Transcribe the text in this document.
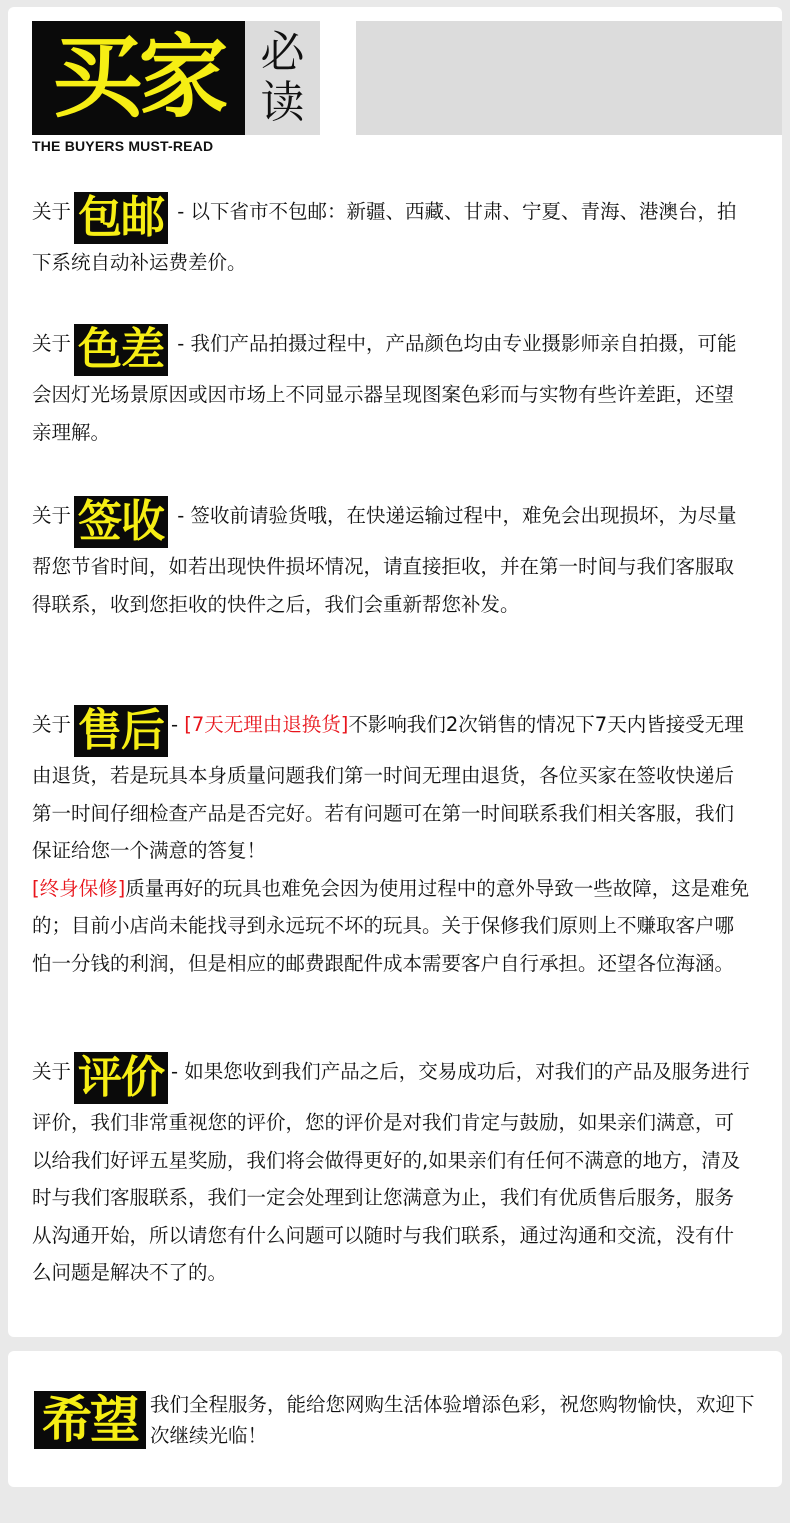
买家 必
读
THE BUYERS MUST-READ
关于 包邮 - 以下省市不包邮：新疆、西藏、甘肃、宁夏、青海、港澳台，拍下系统自动补运费差价。
关于 色差 - 我们产品拍摄过程中，产品颜色均由专业摄影师亲自拍摄，可能会因灯光场景原因或因市场上不同显示器呈现图案色彩而与实物有些许差距，还望亲理解。
关于 签收 - 签收前请验货哦，在快递运输过程中，难免会出现损坏，为尽量帮您节省时间，如若出现快件损坏情况，请直接拒收，并在第一时间与我们客服取得联系，收到您拒收的快件之后，我们会重新帮您补发。
关于 售后 - [7天无理由退换货]不影响我们2次销售的情况下7天内皆接受无理由退货，若是玩具本身质量问题我们第一时间无理由退货，各位买家在签收快递后第一时间仔细检查产品是否完好。若有问题可在第一时间联系我们相关客服，我们保证给您一个满意的答复！
[终身保修]质量再好的玩具也难免会因为使用过程中的意外导致一些故障，这是难免的；目前小店尚未能找寻到永远玩不坏的玩具。关于保修我们原则上不赚取客户哪怕一分钱的利润，但是相应的邮费跟配件成本需要客户自行承担。还望各位海涵。
关于 评价 - 如果您收到我们产品之后，交易成功后，对我们的产品及服务进行评价，我们非常重视您的评价，您的评价是对我们肯定与鼓励，如果亲们满意，可以给我们好评五星奖励，我们将会做得更好的,如果亲们有任何不满意的地方，清及时与我们客服联系，我们一定会处理到让您满意为止，我们有优质售后服务，服务从沟通开始，所以请您有什么问题可以随时与我们联系，通过沟通和交流，没有什么问题是解决不了的。
希望 我们全程服务，能给您网购生活体验增添色彩，祝您购物愉快，欢迎下次继续光临！
